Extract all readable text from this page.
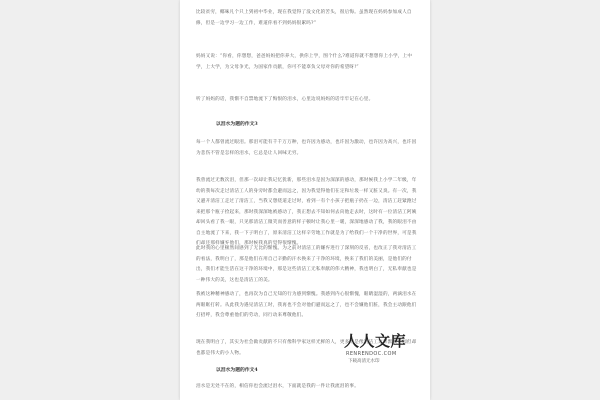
比较贫穷，椰味凡个只上到初中毕业，现在我觉得了没文化的苦头，很后悔。虽然现在妈妈参加成人自修，但是一边学习一边工作，难道你看不到妈妈很累吗?”
妈妈又说：“你看，你想想，爸爸妈妈把你养大，供你上学，图个什么?难道你就不想想你上小学，上中学，上大学，为父母争光，为国家作贡献，你可不能辜负父母对你的希望呀!”
听了妈妈的话，我惭不自禁地流下了悔恨的泪水，心里边说妈妈的话牢牢记在心里。
以泪水为题的作文3
每一个人都曾流过眼泪。那泪可能有千千万万种，也许因为感动，也许因为激动，也许因为高兴，也许因为悲伤不管是怎样的泪水，它总是让人回味无穷。
我曾流过无数次泪，但那一次却让我记忆犹新，那些泪水是因为深深的感动，那时候我上小学二年级，年幼的我每次走过清洁工人的身旁时都会避而远之，因为我觉得他们在定和垃圾一样又脏又臭。有一次，我又避开清洁工走过了清洁工，当我又想绕道走过时，看到一有个小孩子把瓶子扔在一边，清洁工赶紧跑过来把那个瓶子捡起来，那时我深深地被感动了，我正想去不知如何去向他走去时，这时有一位清洁工阿姨却回头看了我一眼，只见那清洁工微笑而善意的样子顿时让我心里一暖，深深地感动了我，我的眼泪不由自主地流了下来，我一下子明白了，原来清洁工这样辛劳地工作就是为了给我们一个干净的世界，可是我们却还那样嫌弃他们，那时候我真的觉得很惭愧。
此时我的心里顿然间感到了无比的惭愧。为之前对清洁工的嫌弃进行了深刻的反省，也改正了我对清洁工的看法，我明白了，那是他们在用自己辛勤的汗水换来了干净的环境，换来了我们的美丽，是他们的付出，我们才能生活在这干净的环境中，那是这些清洁工无私奉献的伟大精神，我也明白了，无私奉献也是一种伟大的美，这也是清洁工的美。
我被这种精神感动了，也再次为自己无知的行为感到惭愧。我感到内心很惭愧，眼睛湿湿的，两滴泪水在两眼眶打转。从此我为遇见清洁工时，我再也不会对他们避而远之了，也不会嫌他们脏，我会主动跟他们打招呼，我会尊重他们的劳动，同行动来尊敬他们。
现在我明白了，其实为社会做贡献的不只有像科学家这样光鲜的人，更多的是像清洁工这样默默无闻但却也都是伟大的小人物。
以泪水为题的作文4
泪水是无处不在的，相信你也会流过泪水，下面就是我的一件让我流泪的事。
人人文库
RENRENDOC.COM
下载高清无水印
